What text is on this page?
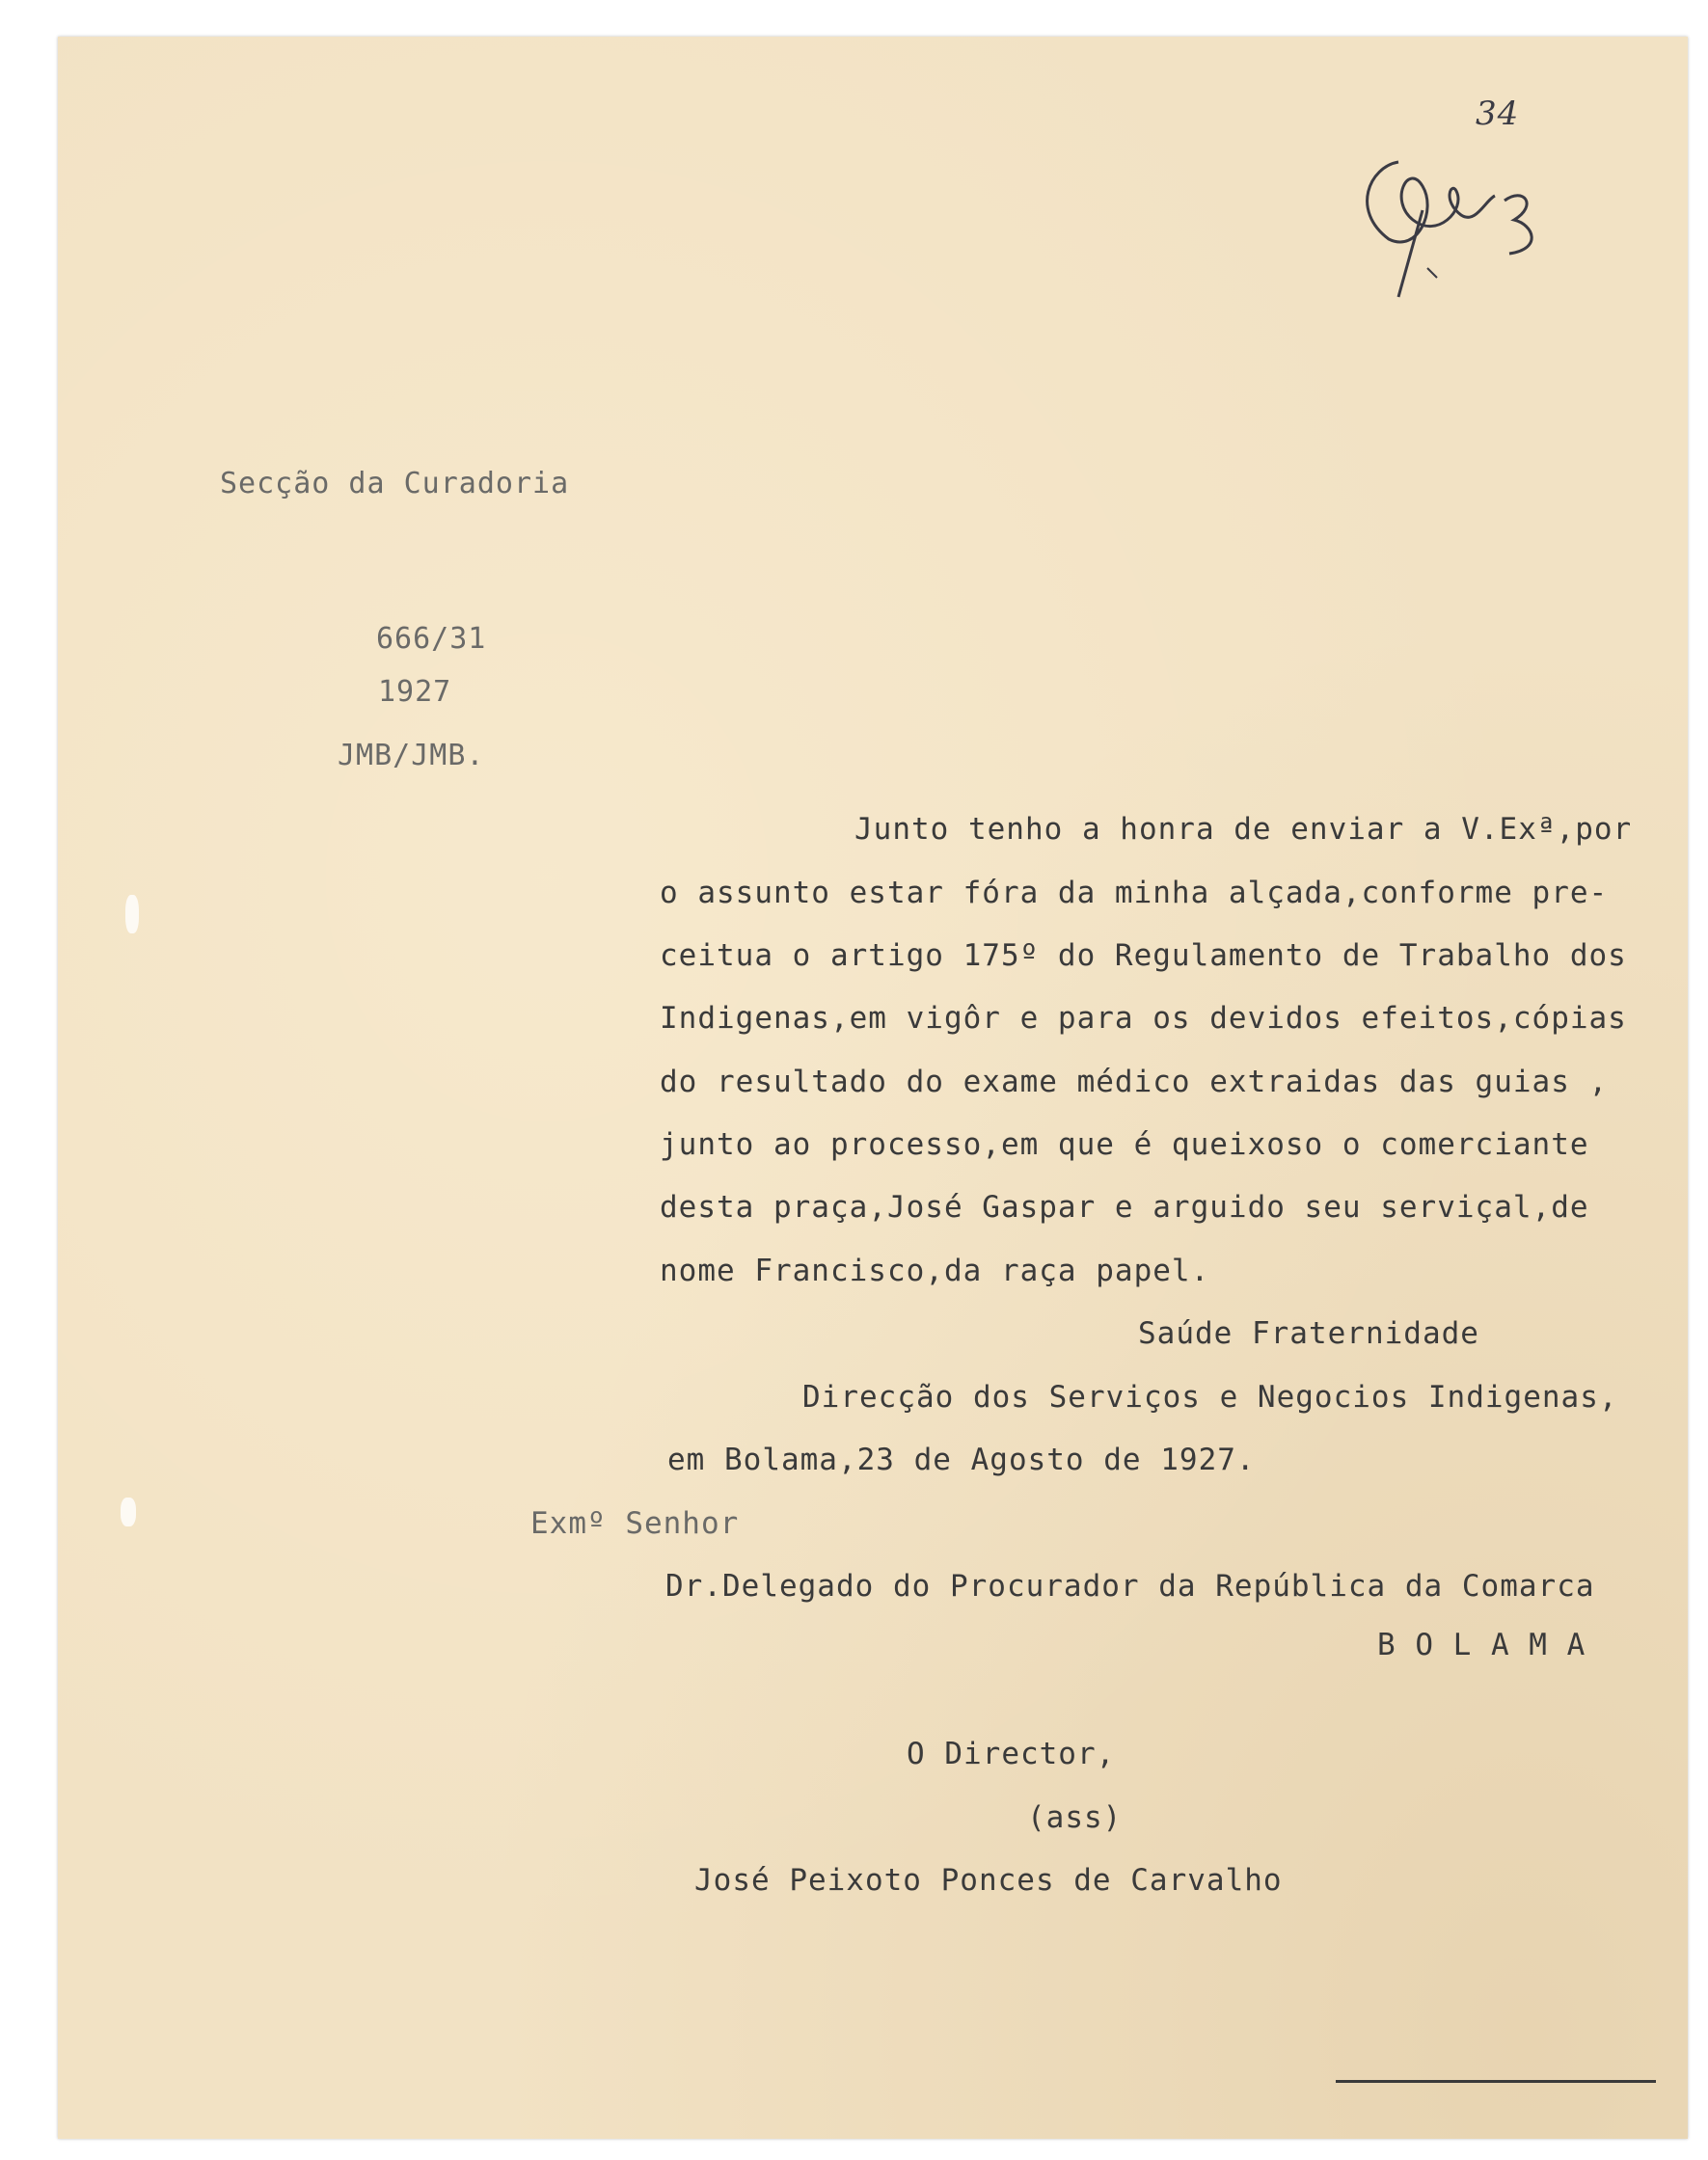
34
Secção da Curadoria
666/31
1927
JMB/JMB.
Junto tenho a honra de enviar a V.Exª,por
o assunto estar fóra da minha alçada,conforme pre-
ceitua o artigo 175º do Regulamento de Trabalho dos
Indigenas,em vigôr e para os devidos efeitos,cópias
do resultado do exame médico extraidas das guias ,
junto ao processo,em que é queixoso o comerciante
desta praça,José Gaspar e arguido seu serviçal,de
nome Francisco,da raça papel.
Saúde Fraternidade
Direcção dos Serviços e Negocios Indigenas,
em Bolama,23 de Agosto de 1927.
Exmº Senhor
Dr.Delegado do Procurador da República da Comarca
B O L A M A
O Director,
(ass)
José Peixoto Ponces de Carvalho
